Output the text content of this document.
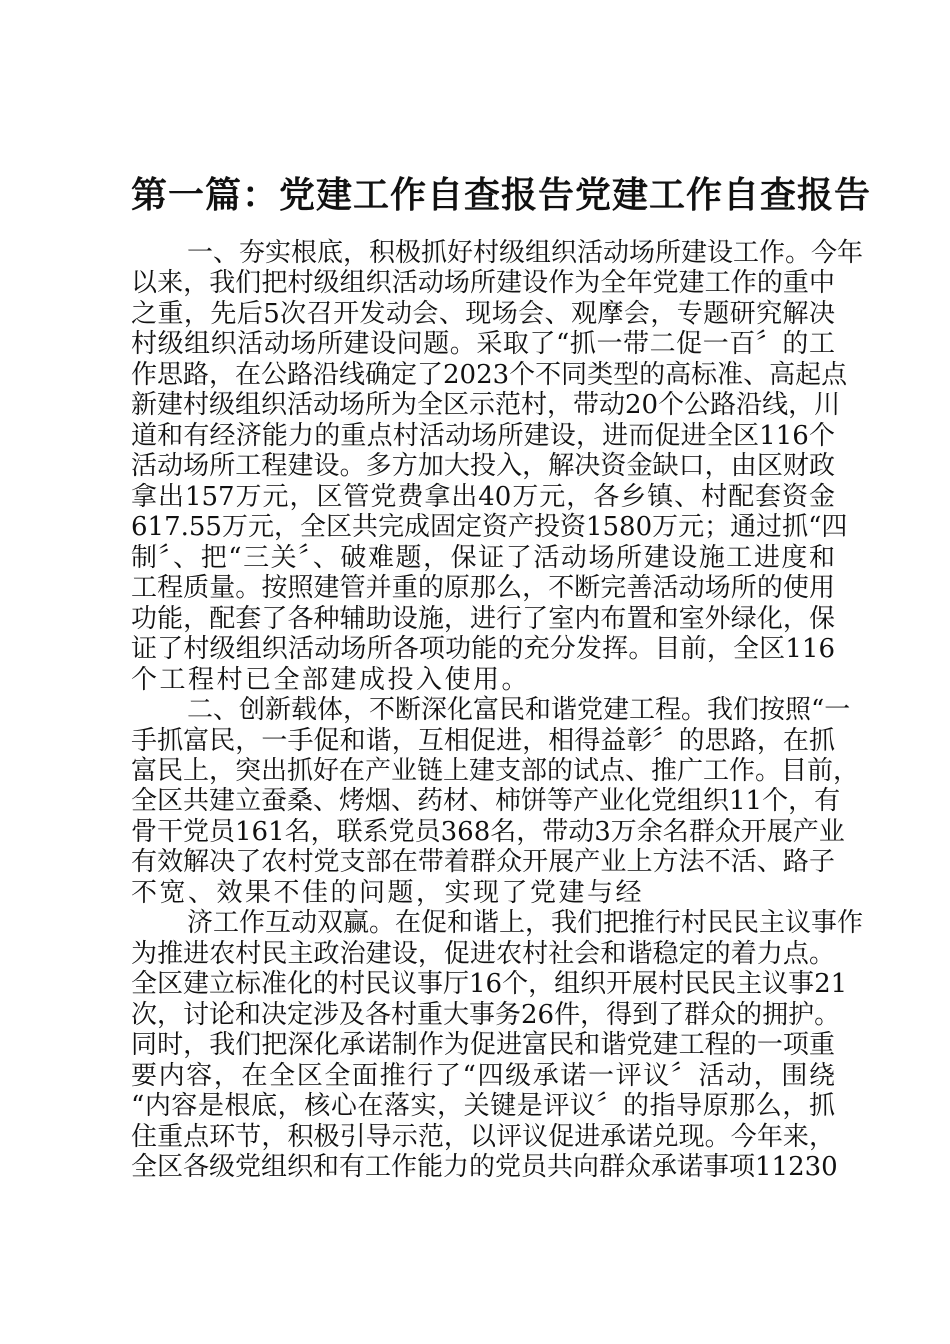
第一篇：党建工作自查报告党建工作自查报告
一、夯实根底，积极抓好村级组织活动场所建设工作。今年
以来，我们把村级组织活动场所建设作为全年党建工作的重中
之重，先后5次召开发动会、现场会、观摩会，专题研究解决
村级组织活动场所建设问题。采取了“抓一带二促一百〞的工
作思路，在公路沿线确定了2023个不同类型的高标准、高起点
新建村级组织活动场所为全区示范村，带动20个公路沿线，川
道和有经济能力的重点村活动场所建设，进而促进全区116个
活动场所工程建设。多方加大投入，解决资金缺口，由区财政
拿出157万元，区管党费拿出40万元，各乡镇、村配套资金
617.55万元，全区共完成固定资产投资1580万元；通过抓“四
制〞、把“三关〞、破难题，保证了活动场所建设施工进度和
工程质量。按照建管并重的原那么，不断完善活动场所的使用
功能，配套了各种辅助设施，进行了室内布置和室外绿化，保
证了村级组织活动场所各项功能的充分发挥。目前，全区116
个工程村已全部建成投入使用。
二、创新载体，不断深化富民和谐党建工程。我们按照“一
手抓富民，一手促和谐，互相促进，相得益彰〞的思路，在抓
富民上，突出抓好在产业链上建支部的试点、推广工作。目前，
全区共建立蚕桑、烤烟、药材、柿饼等产业化党组织11个，有
骨干党员161名，联系党员368名，带动3万余名群众开展产业
有效解决了农村党支部在带着群众开展产业上方法不活、路子
不宽、效果不佳的问题，实现了党建与经
济工作互动双赢。在促和谐上，我们把推行村民民主议事作
为推进农村民主政治建设，促进农村社会和谐稳定的着力点。
全区建立标准化的村民议事厅16个，组织开展村民民主议事21
次，讨论和决定涉及各村重大事务26件，得到了群众的拥护。
同时，我们把深化承诺制作为促进富民和谐党建工程的一项重
要内容，在全区全面推行了“四级承诺一评议〞活动，围绕
“内容是根底，核心在落实，关键是评议〞的指导原那么，抓
住重点环节，积极引导示范，以评议促进承诺兑现。今年来，
全区各级党组织和有工作能力的党员共向群众承诺事项11230
